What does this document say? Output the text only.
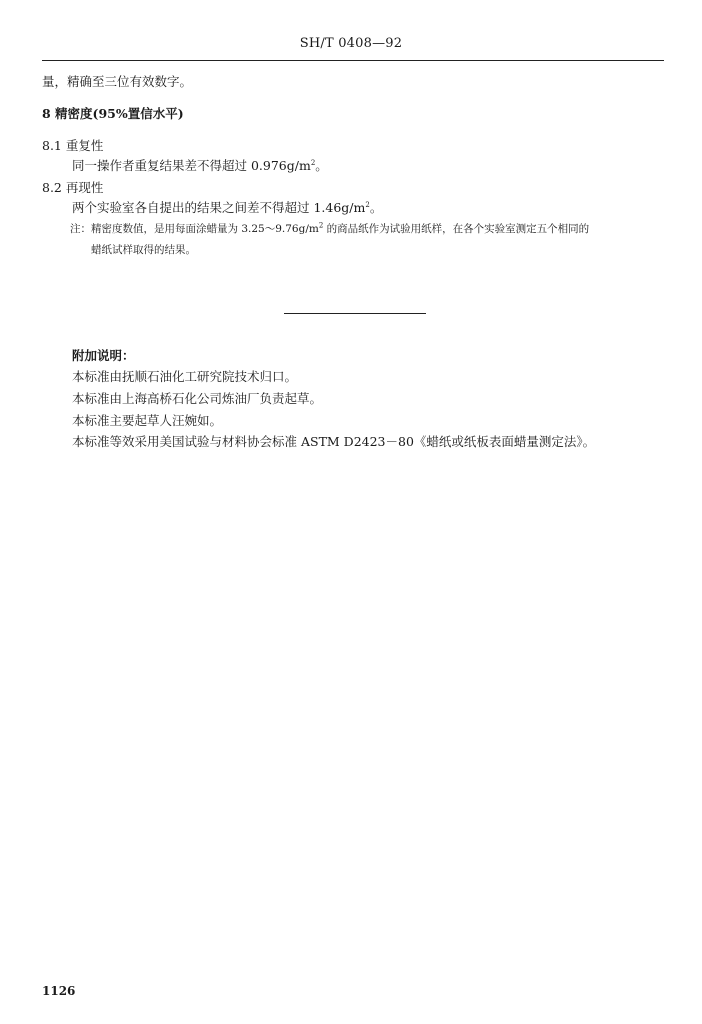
SH/T 0408—92
量，精确至三位有效数字。
8 精密度(95%置信水平)
8.1 重复性
同一操作者重复结果差不得超过 $0.976g/m^2$。
8.2 再现性
两个实验室各自提出的结果之间差不得超过 $1.46g/m^2$。
注：精密度数值，是用每面涂蜡量为 $3.25\sim 9.76g/m^2$ 的商品纸作为试验用纸样，在各个实验室测定五个相同的
蜡纸试样取得的结果。
附加说明：
本标准由抚顺石油化工研究院技术归口。
本标准由上海高桥石化公司炼油厂负责起草。
本标准主要起草人汪婉如。
本标准等效采用美国试验与材料协会标准 ASTM D2423－80《蜡纸或纸板表面蜡量测定法》。
1126
